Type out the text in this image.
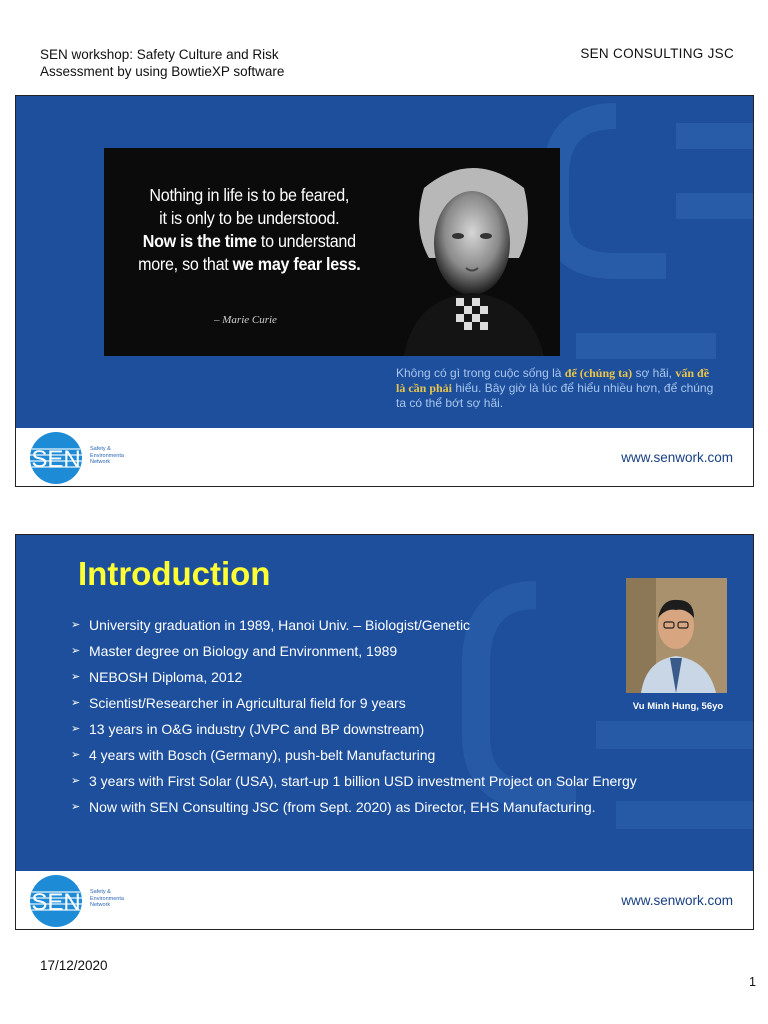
SEN workshop: Safety Culture and Risk
Assessment by using BowtieXP software
SEN CONSULTING JSC
Nothing in life is to be feared,
it is only to be understood.
Now is the time to understand
more, so that we may fear less.
– Marie Curie
Không có gì trong cuộc sống là để (chúng ta) sợ hãi, vấn đề là cần phải hiểu. Bây giờ là lúc để hiểu nhiều hơn, để chúng ta có thể bớt sợ hãi.
SEN Safety &
Environmenta
Network	www.senwork.com
Introduction
Vu Minh Hung, 56yo
➢ University graduation in 1989, Hanoi Univ. – Biologist/Genetic
➢ Master degree on Biology and Environment, 1989
➢ NEBOSH Diploma, 2012
➢ Scientist/Researcher in Agricultural field for 9 years
➢ 13 years in O&G industry (JVPC and BP downstream)
➢ 4 years with Bosch (Germany), push-belt Manufacturing
➢ 3 years with First Solar (USA), start-up 1 billion USD investment Project on Solar Energy
➢ Now with SEN Consulting JSC (from Sept. 2020) as Director, EHS Manufacturing.
SEN Safety &
Environmenta
Network	www.senwork.com
17/12/2020
1
